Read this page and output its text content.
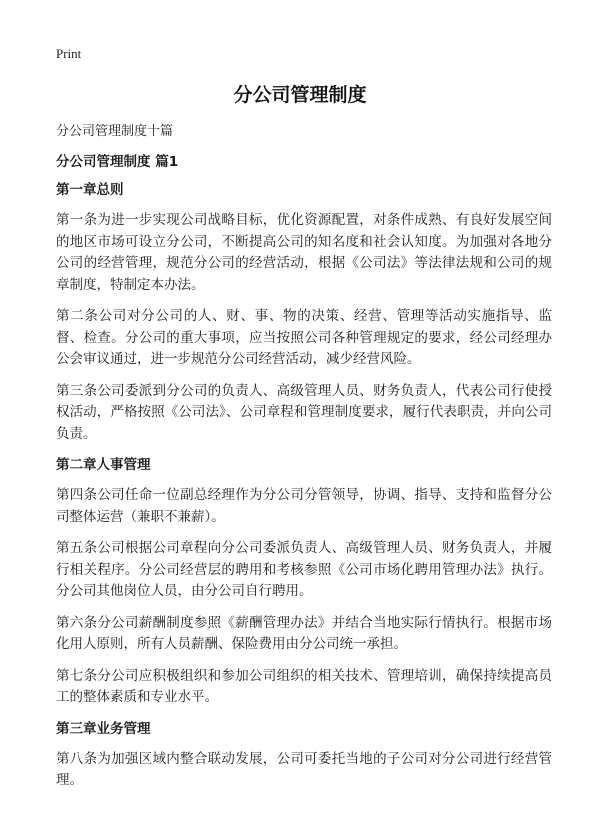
Print
分公司管理制度
分公司管理制度十篇
分公司管理制度 篇1
第一章总则

第一条为进一步实现公司战略目标，优化资源配置，对条件成熟、有良好发展空间的地区市场可设立分公司，不断提高公司的知名度和社会认知度。为加强对各地分公司的经营管理，规范分公司的经营活动，根据《公司法》等法律法规和公司的规章制度，特制定本办法。

第二条公司对分公司的人、财、事、物的决策、经营、管理等活动实施指导、监督、检查。分公司的重大事项，应当按照公司各种管理规定的要求，经公司经理办公会审议通过，进一步规范分公司经营活动，减少经营风险。

第三条公司委派到分公司的负责人、高级管理人员、财务负责人，代表公司行使授权活动，严格按照《公司法》、公司章程和管理制度要求，履行代表职责，并向公司负责。

第二章人事管理

第四条公司任命一位副总经理作为分公司分管领导，协调、指导、支持和监督分公司整体运营（兼职不兼薪）。

第五条公司根据公司章程向分公司委派负责人、高级管理人员、财务负责人，并履行相关程序。分公司经营层的聘用和考核参照《公司市场化聘用管理办法》执行。分公司其他岗位人员，由分公司自行聘用。

第六条分公司薪酬制度参照《薪酬管理办法》并结合当地实际行情执行。根据市场化用人原则，所有人员薪酬、保险费用由分公司统一承担。

第七条分公司应积极组织和参加公司组织的相关技术、管理培训，确保持续提高员工的整体素质和专业水平。

第三章业务管理

第八条为加强区域内整合联动发展，公司可委托当地的子公司对分公司进行经营管理。
